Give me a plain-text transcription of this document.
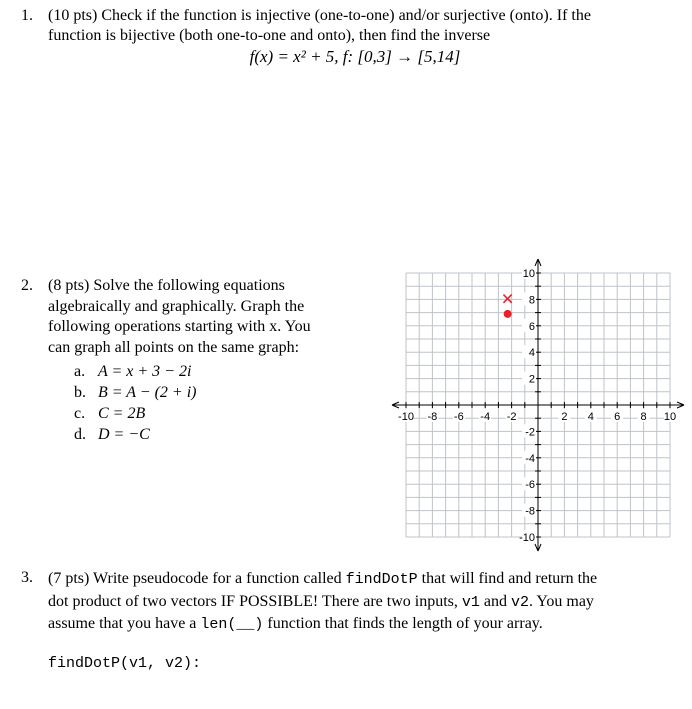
1. (10 pts) Check if the function is injective (one-to-one) and/or surjective (onto). If the
function is bijective (both one-to-one and onto), then find the inverse
f(x) = x² + 5, f: [0,3] → [5,14]
2. (8 pts) Solve the following equations
algebraically and graphically. Graph the
following operations starting with x. You
can graph all points on the same graph:
a. A = x + 3 − 2i
b. B = A − (2 + i)
c. C = 2B
d. D = −C
-10 -8 -6 -4 -2	2 4 6 8 10
10
8
6
4
2
-2
-4
-6
-8
-10
✕
3. (7 pts) Write pseudocode for a function called findDotP that will find and return the
dot product of two vectors IF POSSIBLE! There are two inputs, v1 and v2. You may
assume that you have a len(__) function that finds the length of your array.
findDotP(v1, v2):
